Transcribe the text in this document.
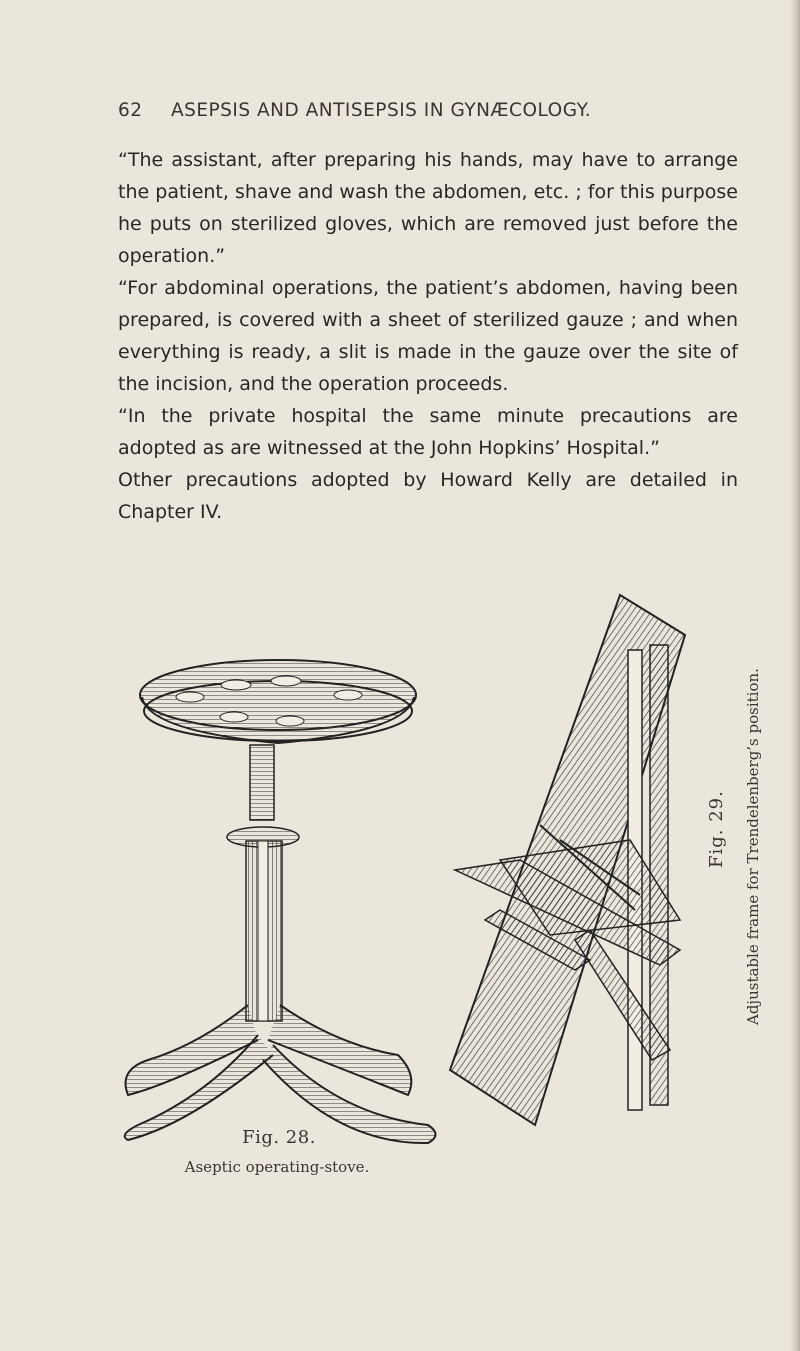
62 ASEPSIS AND ANTISEPSIS IN GYNÆCOLOGY.

“The assistant, after preparing his hands, may have to arrange the patient, shave and wash the abdomen, etc. ; for this purpose he puts on sterilized gloves, which are removed just before the operation.”

“For abdominal operations, the patient’s abdomen, having been prepared, is covered with a sheet of sterilized gauze ; and when everything is ready, a slit is made in the gauze over the site of the incision, and the operation proceeds.

“In the private hospital the same minute precautions are adopted as are witnessed at the John Hopkins’ Hospital.”

Other precautions adopted by Howard Kelly are detailed in Chapter IV.

Fig. 28.
Aseptic operating-stove.
Fig. 29. Adjustable frame for Trendelenberg’s position.
